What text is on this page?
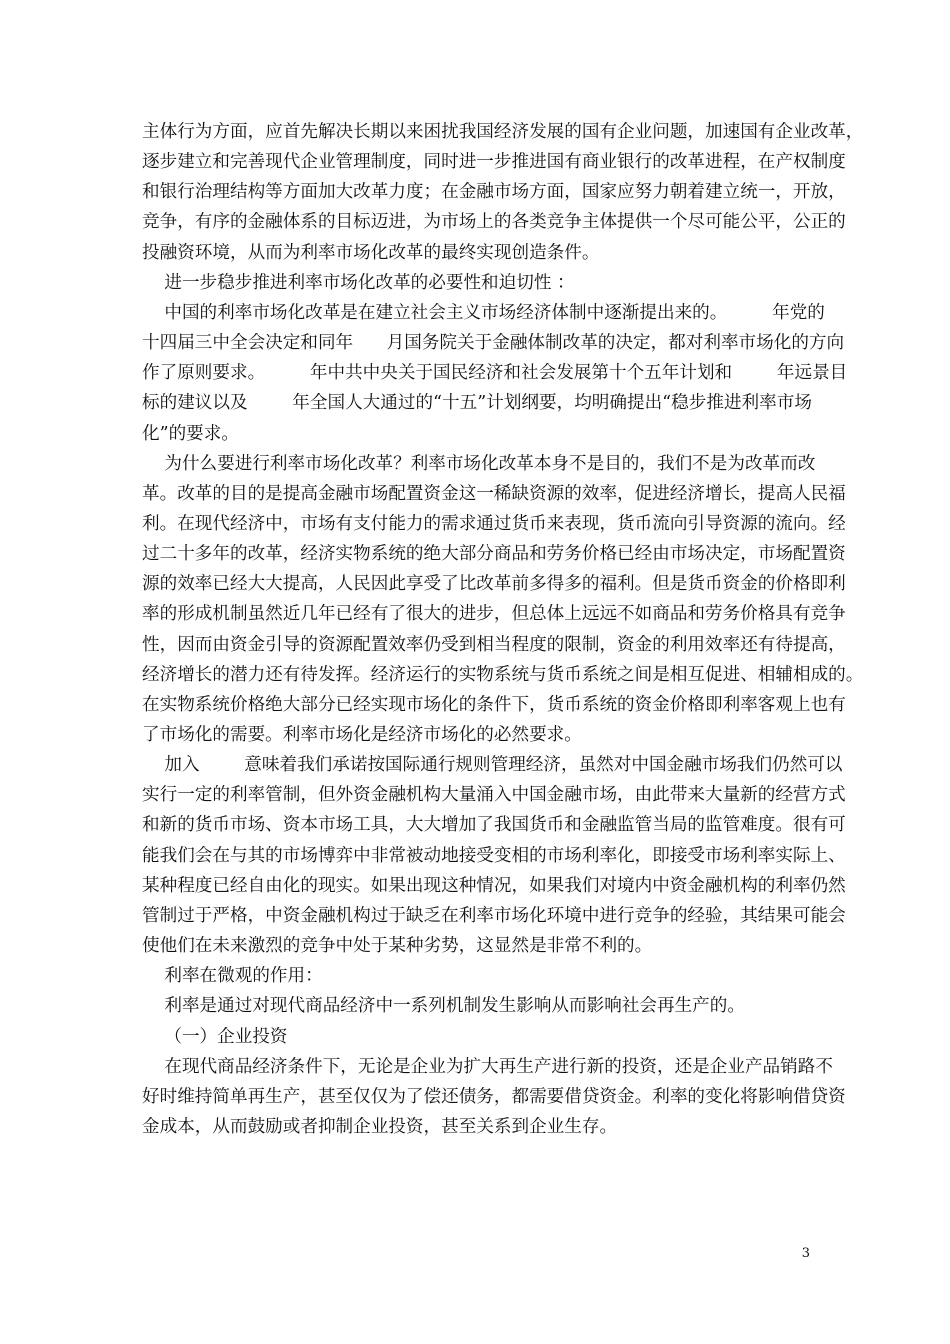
主体行为方面，应首先解决长期以来困扰我国经济发展的国有企业问题，加速国有企业改革，
逐步建立和完善现代企业管理制度，同时进一步推进国有商业银行的改革进程，在产权制度
和银行治理结构等方面加大改革力度；在金融市场方面，国家应努力朝着建立统一，开放，
竞争，有序的金融体系的目标迈进，为市场上的各类竞争主体提供一个尽可能公平，公正的
投融资环境，从而为利率市场化改革的最终实现创造条件。
进一步稳步推进利率市场化改革的必要性和迫切性 ：
中国的利率市场化改革是在建立社会主义市场经济体制中逐渐提出来的。        年党的
十四届三中全会决定和同年      月国务院关于金融体制改革的决定，都对利率市场化的方向
作了原则要求。        年中共中央关于国民经济和社会发展第十个五年计划和        年远景目
标的建议以及        年全国人大通过的“十五”计划纲要，均明确提出“稳步推进利率市场
化”的要求。
为什么要进行利率市场化改革？利率市场化改革本身不是目的，我们不是为改革而改
革。改革的目的是提高金融市场配置资金这一稀缺资源的效率，促进经济增长，提高人民福
利。在现代经济中，市场有支付能力的需求通过货币来表现，货币流向引导资源的流向。经
过二十多年的改革，经济实物系统的绝大部分商品和劳务价格已经由市场决定，市场配置资
源的效率已经大大提高，人民因此享受了比改革前多得多的福利。但是货币资金的价格即利
率的形成机制虽然近几年已经有了很大的进步，但总体上远远不如商品和劳务价格具有竞争
性，因而由资金引导的资源配置效率仍受到相当程度的限制，资金的利用效率还有待提高，
经济增长的潜力还有待发挥。经济运行的实物系统与货币系统之间是相互促进、相辅相成的。
在实物系统价格绝大部分已经实现市场化的条件下，货币系统的资金价格即利率客观上也有
了市场化的需要。利率市场化是经济市场化的必然要求。
加入        意味着我们承诺按国际通行规则管理经济，虽然对中国金融市场我们仍然可以
实行一定的利率管制，但外资金融机构大量涌入中国金融市场，由此带来大量新的经营方式
和新的货币市场、资本市场工具，大大增加了我国货币和金融监管当局的监管难度。很有可
能我们会在与其的市场博弈中非常被动地接受变相的市场利率化，即接受市场利率实际上、
某种程度已经自由化的现实。如果出现这种情况，如果我们对境内中资金融机构的利率仍然
管制过于严格，中资金融机构过于缺乏在利率市场化环境中进行竞争的经验，其结果可能会
使他们在未来激烈的竞争中处于某种劣势，这显然是非常不利的。
利率在微观的作用：
利率是通过对现代商品经济中一系列机制发生影响从而影响社会再生产的。
（一）企业投资
在现代商品经济条件下，无论是企业为扩大再生产进行新的投资，还是企业产品销路不
好时维持简单再生产，甚至仅仅为了偿还债务，都需要借贷资金。利率的变化将影响借贷资
金成本，从而鼓励或者抑制企业投资，甚至关系到企业生存。
3
